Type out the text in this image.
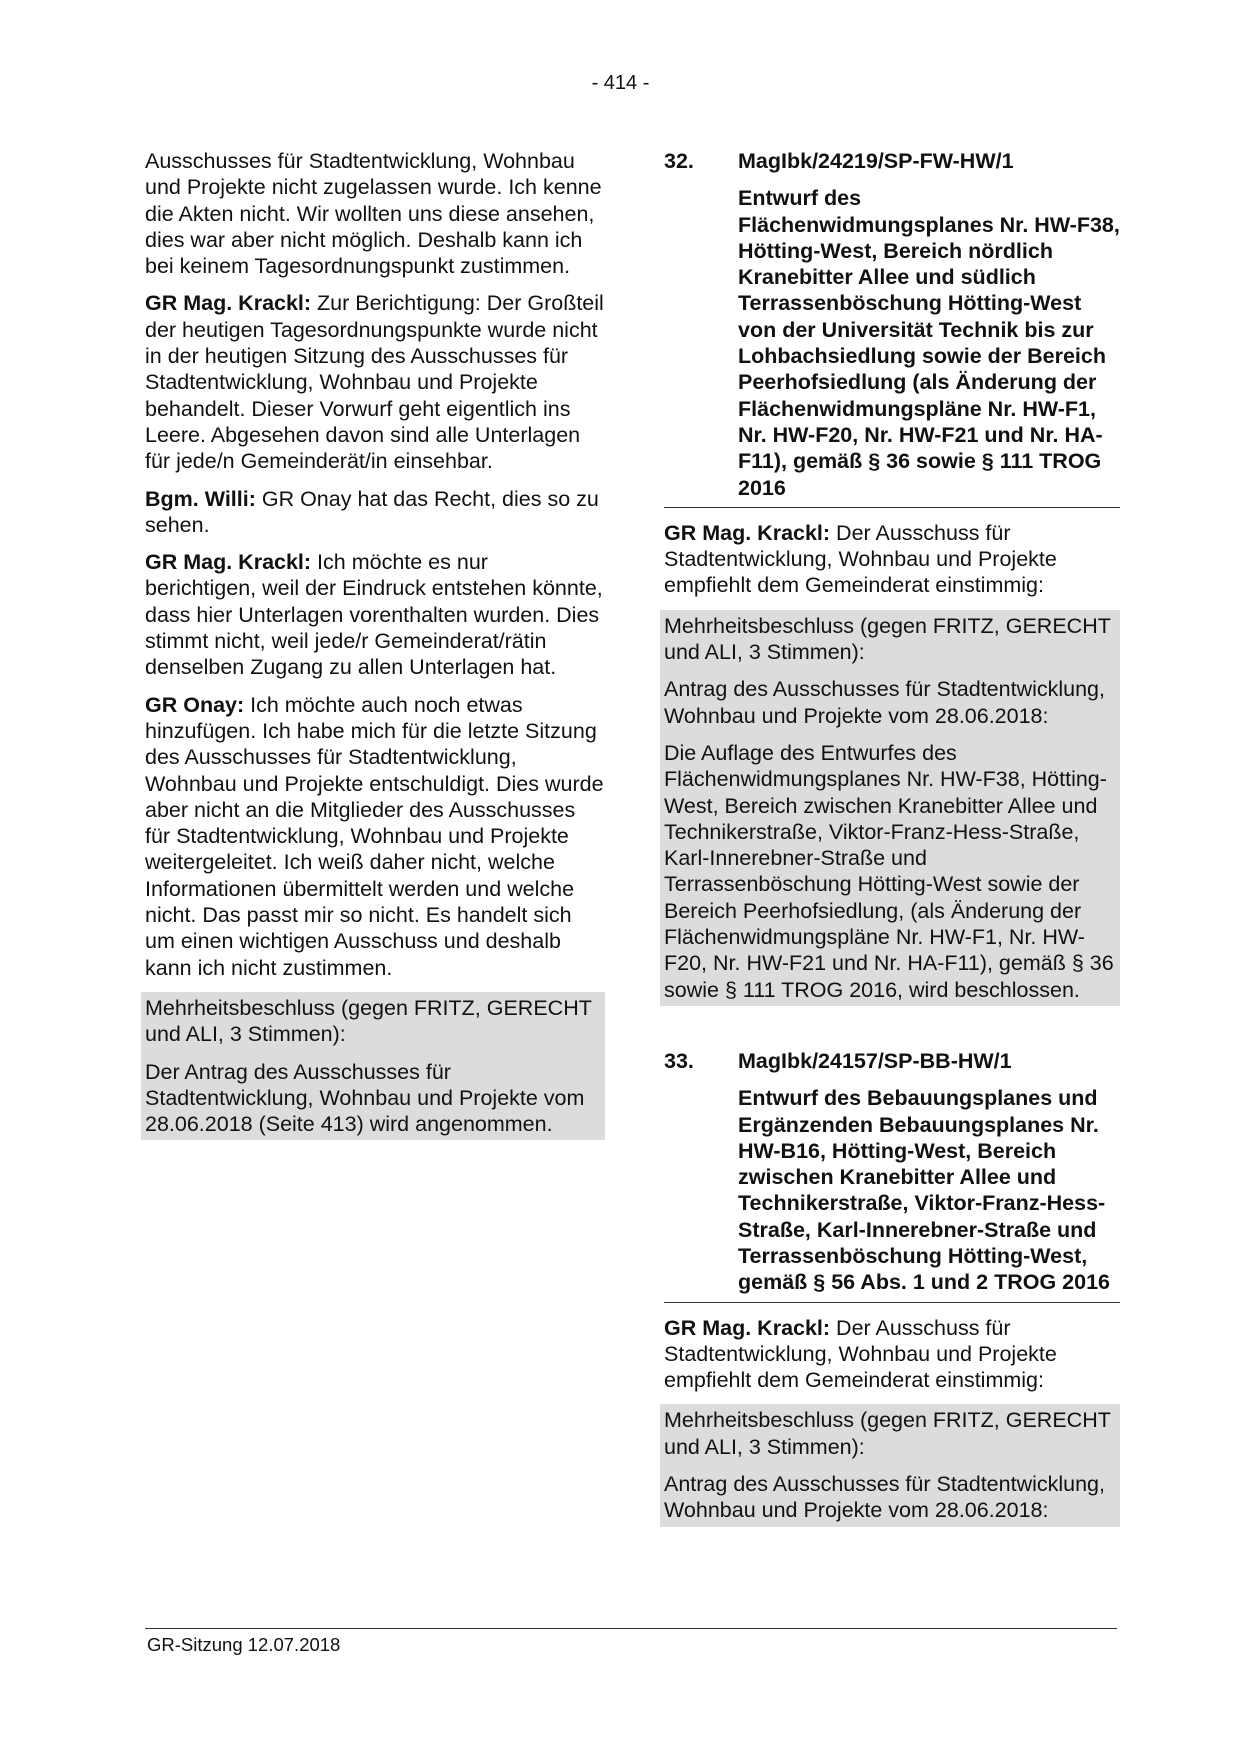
- 414 -

Ausschusses für Stadtentwicklung, Wohnbau und Projekte nicht zugelassen wurde. Ich kenne die Akten nicht. Wir wollten uns diese ansehen, dies war aber nicht möglich. Deshalb kann ich bei keinem Tagesordnungspunkt zustimmen.

GR Mag. Krackl: Zur Berichtigung: Der Großteil der heutigen Tagesordnungspunkte wurde nicht in der heutigen Sitzung des Ausschusses für Stadtentwicklung, Wohnbau und Projekte behandelt. Dieser Vorwurf geht eigentlich ins Leere. Abgesehen davon sind alle Unterlagen für jede/n Gemeinderät/in einsehbar.

Bgm. Willi: GR Onay hat das Recht, dies so zu sehen.

GR Mag. Krackl: Ich möchte es nur berichtigen, weil der Eindruck entstehen könnte, dass hier Unterlagen vorenthalten wurden. Dies stimmt nicht, weil jede/r Gemeinderat/rätin denselben Zugang zu allen Unterlagen hat.

GR Onay: Ich möchte auch noch etwas hinzufügen. Ich habe mich für die letzte Sitzung des Ausschusses für Stadtentwicklung, Wohnbau und Projekte entschuldigt. Dies wurde aber nicht an die Mitglieder des Ausschusses für Stadtentwicklung, Wohnbau und Projekte weitergeleitet. Ich weiß daher nicht, welche Informationen übermittelt werden und welche nicht. Das passt mir so nicht. Es handelt sich um einen wichtigen Ausschuss und deshalb kann ich nicht zustimmen.

Mehrheitsbeschluss (gegen FRITZ, GERECHT und ALI, 3 Stimmen):

Der Antrag des Ausschusses für Stadtentwicklung, Wohnbau und Projekte vom 28.06.2018 (Seite 413) wird angenommen.

32.	MagIbk/24219/SP-FW-HW/1

Entwurf des Flächenwidmungsplanes Nr. HW-F38, Hötting-West, Bereich nördlich Kranebitter Allee und südlich Terrassenböschung Hötting-West von der Universität Technik bis zur Lohbachsiedlung sowie der Bereich Peerhofsiedlung (als Änderung der Flächenwidmungspläne Nr. HW-F1, Nr. HW-F20, Nr. HW-F21 und Nr. HA-F11), gemäß § 36 sowie § 111 TROG 2016

GR Mag. Krackl: Der Ausschuss für Stadtentwicklung, Wohnbau und Projekte empfiehlt dem Gemeinderat einstimmig:

Mehrheitsbeschluss (gegen FRITZ, GERECHT und ALI, 3 Stimmen):

Antrag des Ausschusses für Stadtentwicklung, Wohnbau und Projekte vom 28.06.2018:

Die Auflage des Entwurfes des Flächenwidmungsplanes Nr. HW-F38, Hötting-West, Bereich zwischen Kranebitter Allee und Technikerstraße, Viktor-Franz-Hess-Straße, Karl-Innerebner-Straße und Terrassenböschung Hötting-West sowie der Bereich Peerhofsiedlung, (als Änderung der Flächenwidmungspläne Nr. HW-F1, Nr. HW-F20, Nr. HW-F21 und Nr. HA-F11), gemäß § 36 sowie § 111 TROG 2016, wird beschlossen.

33.	MagIbk/24157/SP-BB-HW/1

Entwurf des Bebauungsplanes und Ergänzenden Bebauungsplanes Nr. HW-B16, Hötting-West, Bereich zwischen Kranebitter Allee und Technikerstraße, Viktor-Franz-Hess-Straße, Karl-Innerebner-Straße und Terrassenböschung Hötting-West, gemäß § 56 Abs. 1 und 2 TROG 2016

GR Mag. Krackl: Der Ausschuss für Stadtentwicklung, Wohnbau und Projekte empfiehlt dem Gemeinderat einstimmig:

Mehrheitsbeschluss (gegen FRITZ, GERECHT und ALI, 3 Stimmen):

Antrag des Ausschusses für Stadtentwicklung, Wohnbau und Projekte vom 28.06.2018:

GR-Sitzung 12.07.2018
